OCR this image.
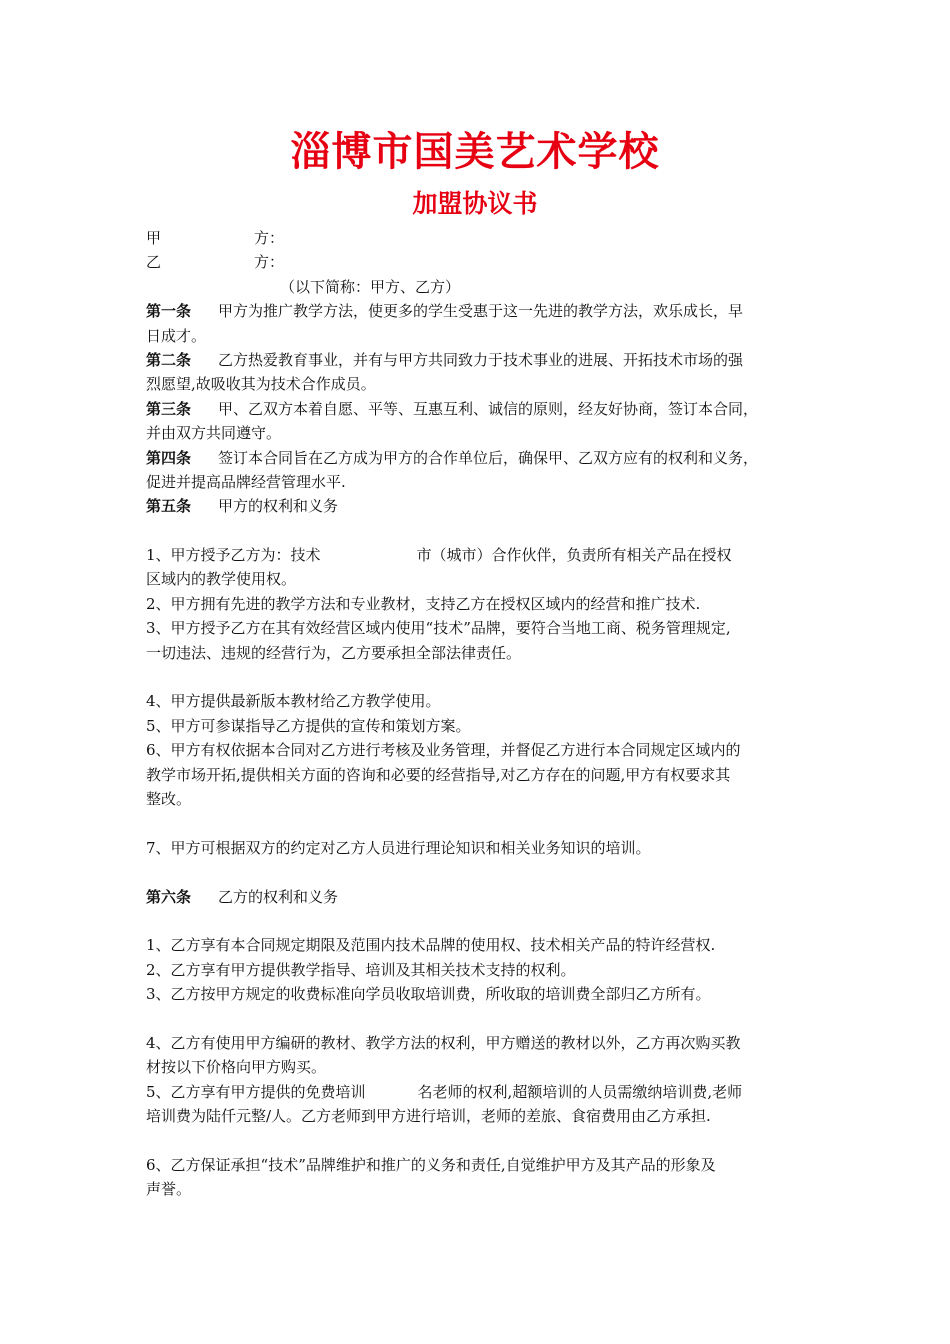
淄博市国美艺术学校
加盟协议书
甲	方：
乙	方：
（以下简称：甲方、乙方）
第一条 甲方为推广教学方法，使更多的学生受惠于这一先进的教学方法，欢乐成长，早
日成才。
第二条 乙方热爱教育事业，并有与甲方共同致力于技术事业的进展、开拓技术市场的强
烈愿望,故吸收其为技术合作成员。
第三条 甲、乙双方本着自愿、平等、互惠互利、诚信的原则，经友好协商，签订本合同，
并由双方共同遵守。
第四条 签订本合同旨在乙方成为甲方的合作单位后，确保甲、乙双方应有的权利和义务，
促进并提高品牌经营管理水平.
第五条 甲方的权利和义务
1、甲方授予乙方为：技术	市（城市）合作伙伴，负责所有相关产品在授权
区域内的教学使用权。
2、甲方拥有先进的教学方法和专业教材，支持乙方在授权区域内的经营和推广技术.
3、甲方授予乙方在其有效经营区域内使用“技术”品牌，要符合当地工商、税务管理规定,
一切违法、违规的经营行为，乙方要承担全部法律责任。
4、甲方提供最新版本教材给乙方教学使用。
5、甲方可参谋指导乙方提供的宣传和策划方案。
6、甲方有权依据本合同对乙方进行考核及业务管理，并督促乙方进行本合同规定区域内的
教学市场开拓,提供相关方面的咨询和必要的经营指导,对乙方存在的问题,甲方有权要求其
整改。
7、甲方可根据双方的约定对乙方人员进行理论知识和相关业务知识的培训。
第六条 乙方的权利和义务
1、乙方享有本合同规定期限及范围内技术品牌的使用权、技术相关产品的特许经营权.
2、乙方享有甲方提供教学指导、培训及其相关技术支持的权利。
3、乙方按甲方规定的收费标准向学员收取培训费，所收取的培训费全部归乙方所有。
4、乙方有使用甲方编研的教材、教学方法的权利，甲方赠送的教材以外，乙方再次购买教
材按以下价格向甲方购买。
5、乙方享有甲方提供的免费培训	名老师的权利,超额培训的人员需缴纳培训费,老师
培训费为陆仟元整/人。乙方老师到甲方进行培训，老师的差旅、食宿费用由乙方承担.
6、乙方保证承担“技术”品牌维护和推广的义务和责任,自觉维护甲方及其产品的形象及
声誉。
